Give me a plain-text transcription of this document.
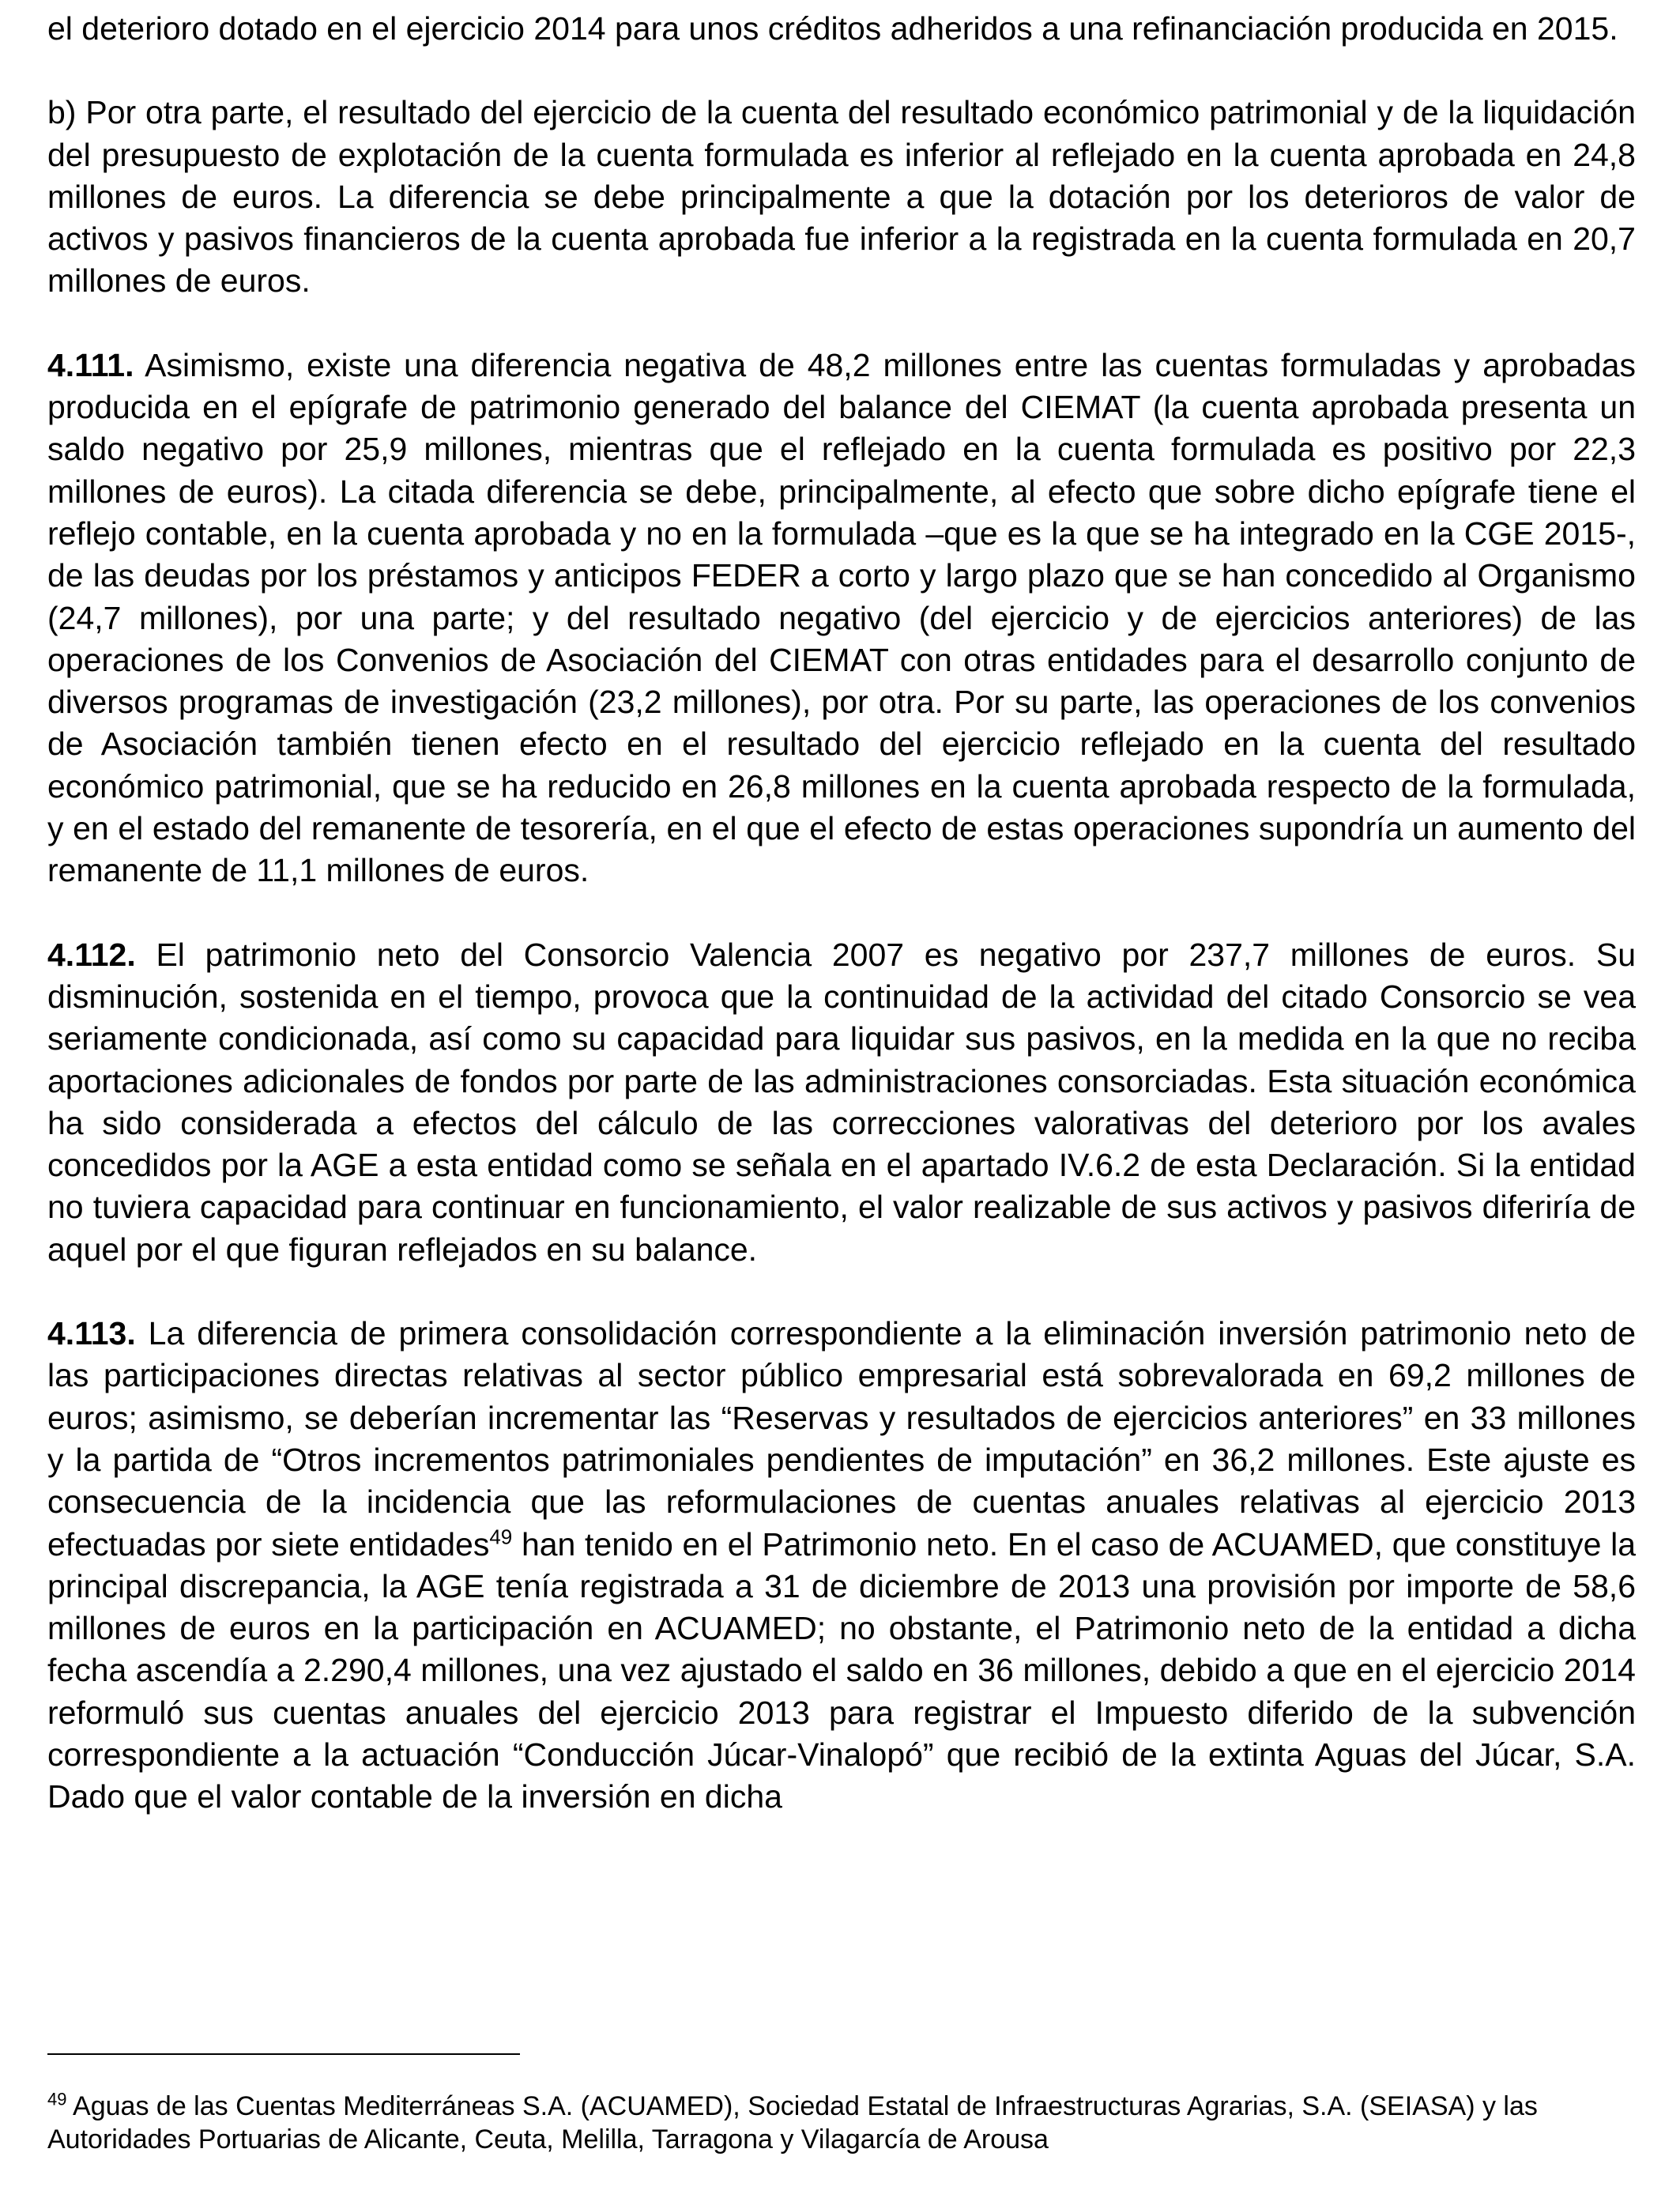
el deterioro dotado en el ejercicio 2014 para unos créditos adheridos a una refinanciación producida en 2015.

b) Por otra parte, el resultado del ejercicio de la cuenta del resultado económico patrimonial y de la liquidación del presupuesto de explotación de la cuenta formulada es inferior al reflejado en la cuenta aprobada en 24,8 millones de euros. La diferencia se debe principalmente a que la dotación por los deterioros de valor de activos y pasivos financieros de la cuenta aprobada fue inferior a la registrada en la cuenta formulada en 20,7 millones de euros.

4.111. Asimismo, existe una diferencia negativa de 48,2 millones entre las cuentas formuladas y aprobadas producida en el epígrafe de patrimonio generado del balance del CIEMAT (la cuenta aprobada presenta un saldo negativo por 25,9 millones, mientras que el reflejado en la cuenta formulada es positivo por 22,3 millones de euros). La citada diferencia se debe, principalmente, al efecto que sobre dicho epígrafe tiene el reflejo contable, en la cuenta aprobada y no en la formulada –que es la que se ha integrado en la CGE 2015-, de las deudas por los préstamos y anticipos FEDER a corto y largo plazo que se han concedido al Organismo (24,7 millones), por una parte; y del resultado negativo (del ejercicio y de ejercicios anteriores) de las operaciones de los Convenios de Asociación del CIEMAT con otras entidades para el desarrollo conjunto de diversos programas de investigación (23,2 millones), por otra. Por su parte, las operaciones de los convenios de Asociación también tienen efecto en el resultado del ejercicio reflejado en la cuenta del resultado económico patrimonial, que se ha reducido en 26,8 millones en la cuenta aprobada respecto de la formulada, y en el estado del remanente de tesorería, en el que el efecto de estas operaciones supondría un aumento del remanente de 11,1 millones de euros.

4.112. El patrimonio neto del Consorcio Valencia 2007 es negativo por 237,7 millones de euros. Su disminución, sostenida en el tiempo, provoca que la continuidad de la actividad del citado Consorcio se vea seriamente condicionada, así como su capacidad para liquidar sus pasivos, en la medida en la que no reciba aportaciones adicionales de fondos por parte de las administraciones consorciadas. Esta situación económica ha sido considerada a efectos del cálculo de las correcciones valorativas del deterioro por los avales concedidos por la AGE a esta entidad como se señala en el apartado IV.6.2 de esta Declaración. Si la entidad no tuviera capacidad para continuar en funcionamiento, el valor realizable de sus activos y pasivos diferiría de aquel por el que figuran reflejados en su balance.

4.113. La diferencia de primera consolidación correspondiente a la eliminación inversión patrimonio neto de las participaciones directas relativas al sector público empresarial está sobrevalorada en 69,2 millones de euros; asimismo, se deberían incrementar las “Reservas y resultados de ejercicios anteriores” en 33 millones y la partida de “Otros incrementos patrimoniales pendientes de imputación” en 36,2 millones. Este ajuste es consecuencia de la incidencia que las reformulaciones de cuentas anuales relativas al ejercicio 2013 efectuadas por siete entidades$^{49}$ han tenido en el Patrimonio neto. En el caso de ACUAMED, que constituye la principal discrepancia, la AGE tenía registrada a 31 de diciembre de 2013 una provisión por importe de 58,6 millones de euros en la participación en ACUAMED; no obstante, el Patrimonio neto de la entidad a dicha fecha ascendía a 2.290,4 millones, una vez ajustado el saldo en 36 millones, debido a que en el ejercicio 2014 reformuló sus cuentas anuales del ejercicio 2013 para registrar el Impuesto diferido de la subvención correspondiente a la actuación “Conducción Júcar-Vinalopó” que recibió de la extinta Aguas del Júcar, S.A. Dado que el valor contable de la inversión en dicha

$^{49}$ Aguas de las Cuentas Mediterráneas S.A. (ACUAMED), Sociedad Estatal de Infraestructuras Agrarias, S.A. (SEIASA) y las Autoridades Portuarias de Alicante, Ceuta, Melilla, Tarragona y Vilagarcía de Arousa
